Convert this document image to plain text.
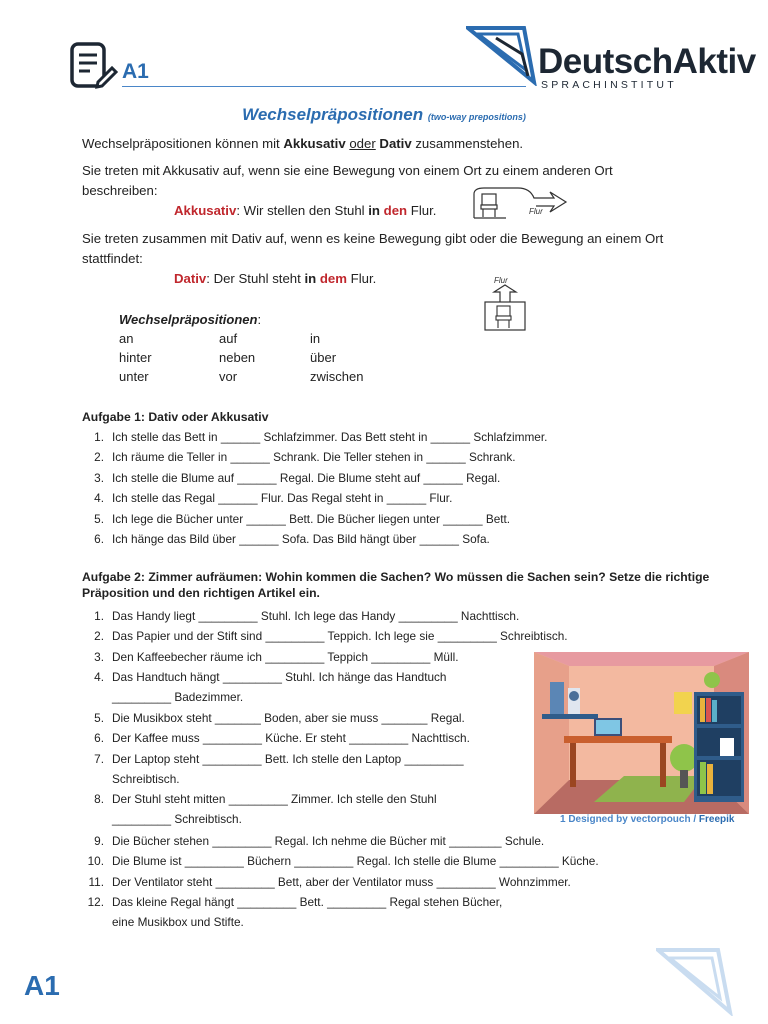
A1	DeutschAktiv
SPRACHINSTITUT
Wechselpräpositionen (two-way prepositions)
Wechselpräpositionen können mit Akkusativ oder Dativ zusammenstehen.
Sie treten mit Akkusativ auf, wenn sie eine Bewegung von einem Ort zu einem anderen Ort
beschreiben:
Akkusativ: Wir stellen den Stuhl in den Flur.	Flur
Sie treten zusammen mit Dativ auf, wenn es keine Bewegung gibt oder die Bewegung an einem Ort
stattfindet:
Dativ: Der Stuhl steht in dem Flur.	Flur
Wechselpräpositionen:
an	auf	in
hinter	neben	über
unter	vor	zwischen
Aufgabe 1: Dativ oder Akkusativ
1. Ich stelle das Bett in ______ Schlafzimmer. Das Bett steht in ______ Schlafzimmer.
2. Ich räume die Teller in ______ Schrank. Die Teller stehen in ______ Schrank.
3. Ich stelle die Blume auf ______ Regal. Die Blume steht auf ______ Regal.
4. Ich stelle das Regal ______ Flur. Das Regal steht in ______ Flur.
5. Ich lege die Bücher unter ______ Bett. Die Bücher liegen unter ______ Bett.
6. Ich hänge das Bild über ______ Sofa. Das Bild hängt über ______ Sofa.
Aufgabe 2: Zimmer aufräumen: Wohin kommen die Sachen? Wo müssen die Sachen sein? Setze die richtige
Präposition und den richtigen Artikel ein.
1. Das Handy liegt _________ Stuhl. Ich lege das Handy _________ Nachttisch.
2. Das Papier und der Stift sind _________ Teppich. Ich lege sie _________ Schreibtisch.
3. Den Kaffeebecher räume ich _________ Teppich _________ Müll.
4. Das Handtuch hängt _________ Stuhl. Ich hänge das Handtuch
_________ Badezimmer.
5. Die Musikbox steht _______ Boden, aber sie muss _______ Regal.
6. Der Kaffee muss _________ Küche. Er steht _________ Nachttisch.
7. Der Laptop steht _________ Bett. Ich stelle den Laptop _________
Schreibtisch.
8. Der Stuhl steht mitten _________ Zimmer. Ich stelle den Stuhl
_________ Schreibtisch.
9. Die Bücher stehen _________ Regal. Ich nehme die Bücher mit ________ Schule.
10. Die Blume ist _________ Büchern _________ Regal. Ich stelle die Blume _________ Küche.
11. Der Ventilator steht _________ Bett, aber der Ventilator muss _________ Wohnzimmer.
12. Das kleine Regal hängt _________ Bett. _________ Regal stehen Bücher,
eine Musikbox und Stifte.
1 Designed by vectorpouch / Freepik
A1
